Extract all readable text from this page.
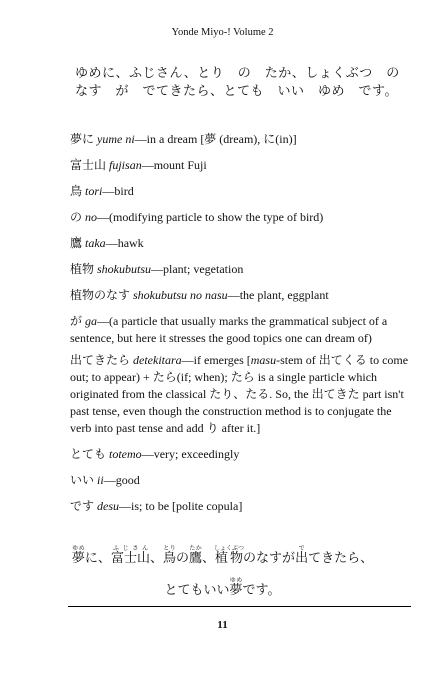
Yonde Miyo-! Volume 2
ゆめに、ふじさん、とり　の　たか、しょくぶつ　の
なす　が　でてきたら、とても　いい　ゆめ　です。
夢に yume ni—in a dream [夢 (dream), に(in)]
富士山 fujisan—mount Fuji
鳥 tori—bird
の no—(modifying particle to show the type of bird)
鷹 taka—hawk
植物 shokubutsu—plant; vegetation
植物のなす shokubutsu no nasu—the plant, eggplant
が ga—(a particle that usually marks the grammatical subject of a sentence, but here it stresses the good topics one can dream of)
出てきたら detekitara—if emerges [masu-stem of 出てくる to come out; to appear) + たら(if; when); たら is a single particle which originated from the classical たり、たる. So, the 出てきた part isn't past tense, even though the construction method is to conjugate the verb into past tense and add り after it.]
とても totemo—very; exceedingly
いい ii—good
です desu—is; to be [polite copula]
夢ゆめに、富士山ふじさん、鳥とりの鷹たか、植物しょくぶつのなすが出でてきたら、
とてもいい夢ゆめです。
11
